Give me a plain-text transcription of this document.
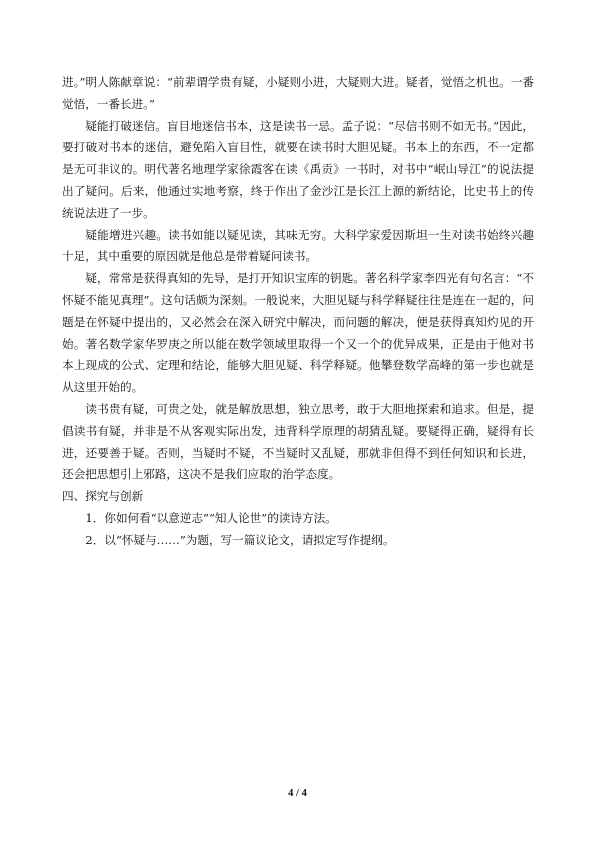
进。”明人陈献章说：“前辈谓学贵有疑，小疑则小进，大疑则大进。疑者，觉悟之机也。一番觉悟，一番长进。”

疑能打破迷信。盲目地迷信书本，这是读书一忌。孟子说：“尽信书则不如无书。”因此，要打破对书本的迷信，避免陷入盲目性，就要在读书时大胆见疑。书本上的东西，不一定都是无可非议的。明代著名地理学家徐霞客在读《禹贡》一书时，对书中“岷山导江”的说法提出了疑问。后来，他通过实地考察，终于作出了金沙江是长江上源的新结论，比史书上的传统说法进了一步。

疑能增进兴趣。读书如能以疑见读，其味无穷。大科学家爱因斯坦一生对读书始终兴趣十足，其中重要的原因就是他总是带着疑问读书。

疑，常常是获得真知的先导，是打开知识宝库的钥匙。著名科学家李四光有句名言：“不怀疑不能见真理”。这句话颇为深刻。一般说来，大胆见疑与科学释疑往往是连在一起的，问题是在怀疑中提出的，又必然会在深入研究中解决，而问题的解决，便是获得真知灼见的开始。著名数学家华罗庚之所以能在数学领域里取得一个又一个的优异成果，正是由于他对书本上现成的公式、定理和结论，能够大胆见疑、科学释疑。他攀登数学高峰的第一步也就是从这里开始的。

读书贵有疑，可贵之处，就是解放思想，独立思考，敢于大胆地探索和追求。但是，提倡读书有疑，并非是不从客观实际出发，违背科学原理的胡猜乱疑。要疑得正确，疑得有长进，还要善于疑。否则，当疑时不疑，不当疑时又乱疑，那就非但得不到任何知识和长进，还会把思想引上邪路，这决不是我们应取的治学态度。

四、探究与创新

1．你如何看“以意逆志”“知人论世”的读诗方法。

2．以“怀疑与……”为题，写一篇议论文，请拟定写作提纲。

4 / 4
